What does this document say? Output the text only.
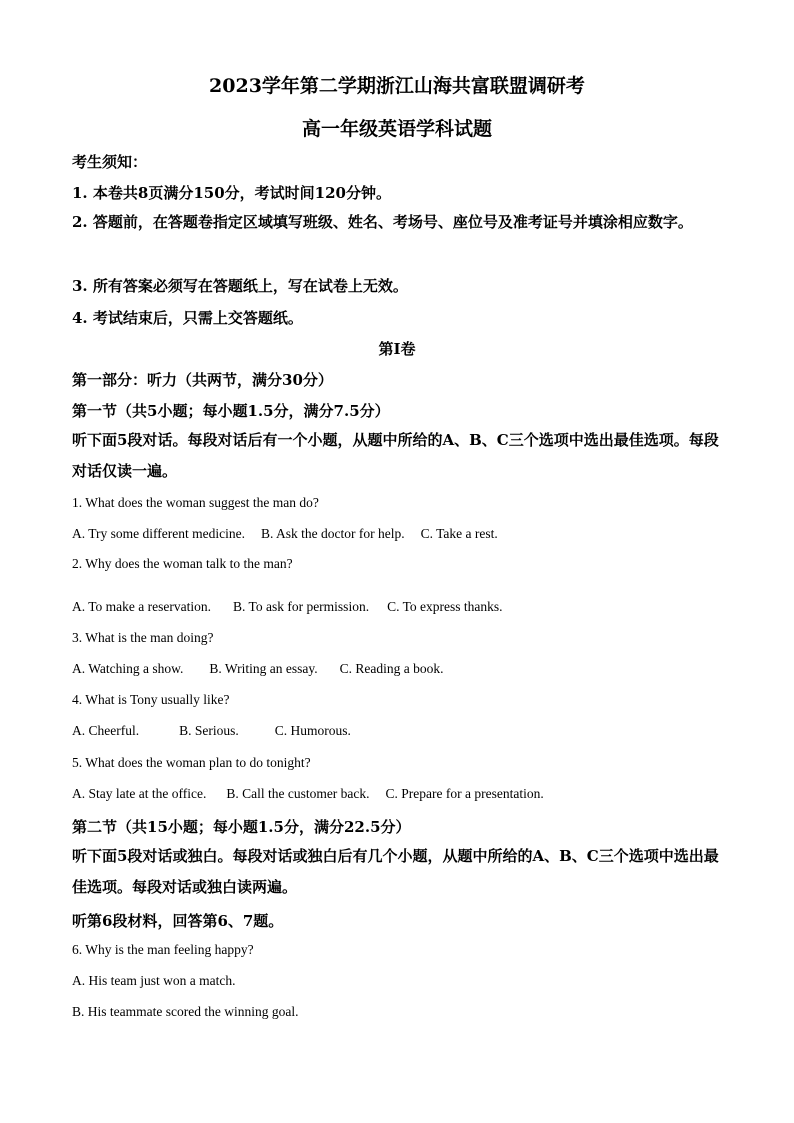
2023学年第二学期浙江山海共富联盟调研考
高一年级英语学科试题
考生须知：
1. 本卷共8页满分150分，考试时间120分钟。
2. 答题前，在答题卷指定区域填写班级、姓名、考场号、座位号及准考证号并填涂相应数字。
3. 所有答案必须写在答题纸上，写在试卷上无效。
4. 考试结束后，只需上交答题纸。
第I卷
第一部分：听力（共两节，满分30分）
第一节（共5小题；每小题1.5分，满分7.5分）
听下面5段对话。每段对话后有一个小题，从题中所给的A、B、C三个选项中选出最佳选项。每段对话仅读一遍。
1. What does the woman suggest the man do?
A. Try some different medicine. B. Ask the doctor for help. C. Take a rest.
2. Why does the woman talk to the man?
A. To make a reservation. B. To ask for permission. C. To express thanks.
3. What is the man doing?
A. Watching a show. B. Writing an essay. C. Reading a book.
4. What is Tony usually like?
A. Cheerful.	B. Serious.	C. Humorous.
5. What does the woman plan to do tonight?
A. Stay late at the office. B. Call the customer back. C. Prepare for a presentation.
第二节（共15小题；每小题1.5分，满分22.5分）
听下面5段对话或独白。每段对话或独白后有几个小题，从题中所给的A、B、C三个选项中选出最佳选项。每段对话或独白读两遍。
听第6段材料，回答第6、7题。
6. Why is the man feeling happy?
A. His team just won a match.
B. His teammate scored the winning goal.
